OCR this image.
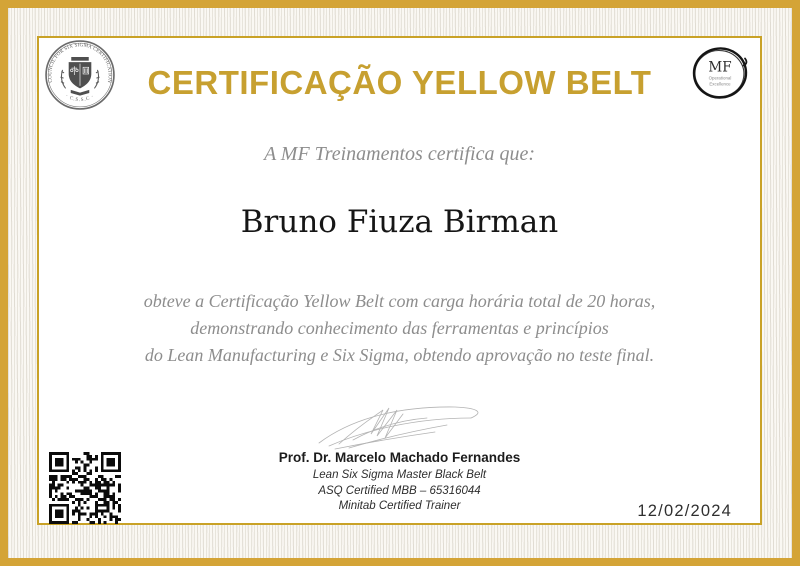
COUNCIL FOR SIX SIGMA CERTIFICATION
· C.S.S.C ·	CERTIFICAÇÃO YELLOW BELT	MF
Operational
Excellence

A MF Treinamentos certifica que:

Bruno Fiuza Birman
obteve a Certificação Yellow Belt com carga horária total de 20 horas,
demonstrando conhecimento das ferramentas e princípios
do Lean Manufacturing e Six Sigma, obtendo aprovação no teste final.
Prof. Dr. Marcelo Machado Fernandes
Lean Six Sigma Master Black Belt
ASQ Certified MBB – 65316044
Minitab Certified Trainer	12/02/2024
